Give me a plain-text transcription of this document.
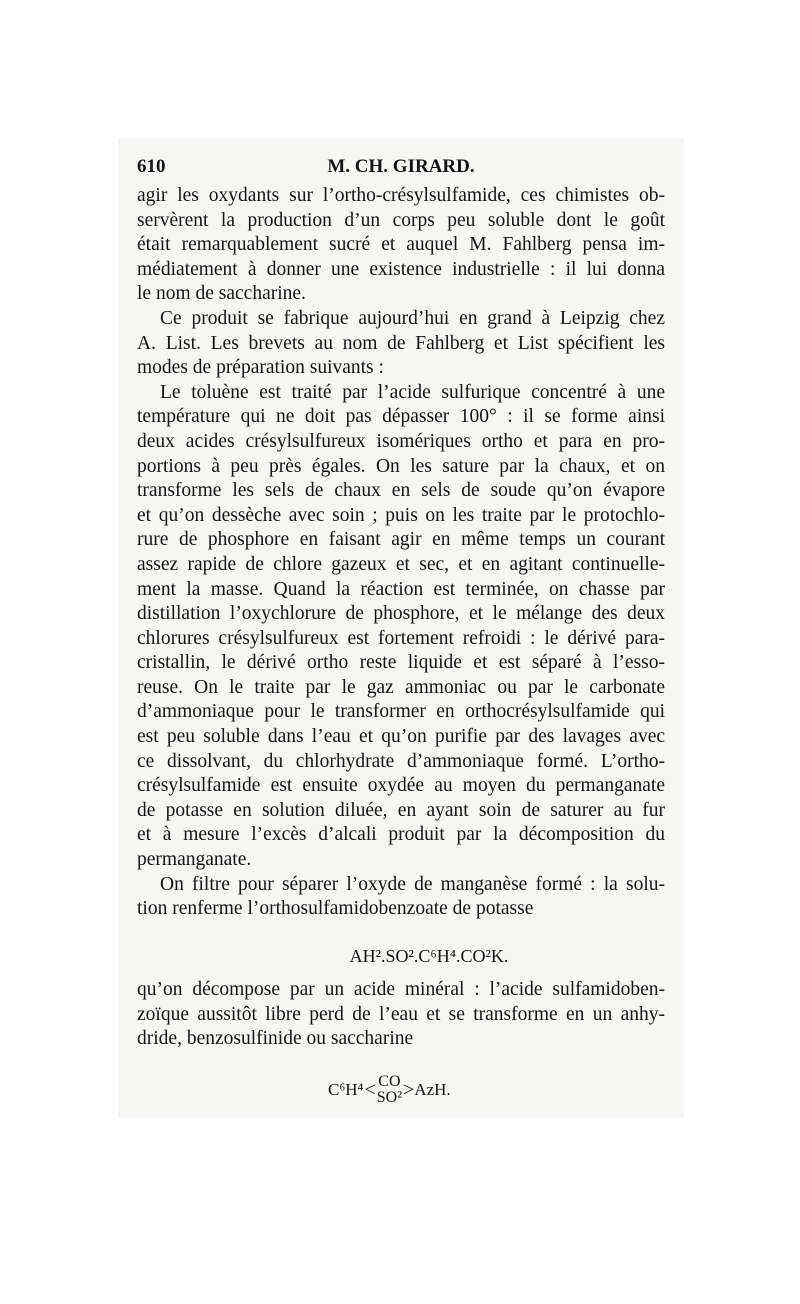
610	M. CH. GIRARD.
agir les oxydants sur l’ortho-crésylsulfamide, ces chimistes ob-
servèrent la production d’un corps peu soluble dont le goût
était remarquablement sucré et auquel M. Fahlberg pensa im-
médiatement à donner une existence industrielle : il lui donna
le nom de saccharine.
Ce produit se fabrique aujourd’hui en grand à Leipzig chez
A. List. Les brevets au nom de Fahlberg et List spécifient les
modes de préparation suivants :
Le toluène est traité par l’acide sulfurique concentré à une
température qui ne doit pas dépasser 100° : il se forme ainsi
deux acides crésylsulfureux isomériques ortho et para en pro-
portions à peu près égales. On les sature par la chaux, et on
transforme les sels de chaux en sels de soude qu’on évapore
et qu’on dessèche avec soin ; puis on les traite par le protochlo-
rure de phosphore en faisant agir en même temps un courant
assez rapide de chlore gazeux et sec, et en agitant continuelle-
ment la masse. Quand la réaction est terminée, on chasse par
distillation l’oxychlorure de phosphore, et le mélange des deux
chlorures crésylsulfureux est fortement refroidi : le dérivé para-
cristallin, le dérivé ortho reste liquide et est séparé à l’esso-
reuse. On le traite par le gaz ammoniac ou par le carbonate
d’ammoniaque pour le transformer en orthocrésylsulfamide qui
est peu soluble dans l’eau et qu’on purifie par des lavages avec
ce dissolvant, du chlorhydrate d’ammoniaque formé. L’ortho-
crésylsulfamide est ensuite oxydée au moyen du permanganate
de potasse en solution diluée, en ayant soin de saturer au fur
et à mesure l’excès d’alcali produit par la décomposition du
permanganate.
On filtre pour séparer l’oxyde de manganèse formé : la solu-
tion renferme l’orthosulfamidobenzoate de potasse
AH².SO².C⁶H⁴.CO²K.
qu’on décompose par un acide minéral : l’acide sulfamidoben-
zoïque aussitôt libre perd de l’eau et se transforme en un anhy-
dride, benzosulfinide ou saccharine
C⁶H⁴ < CO
SO² > AzH.
